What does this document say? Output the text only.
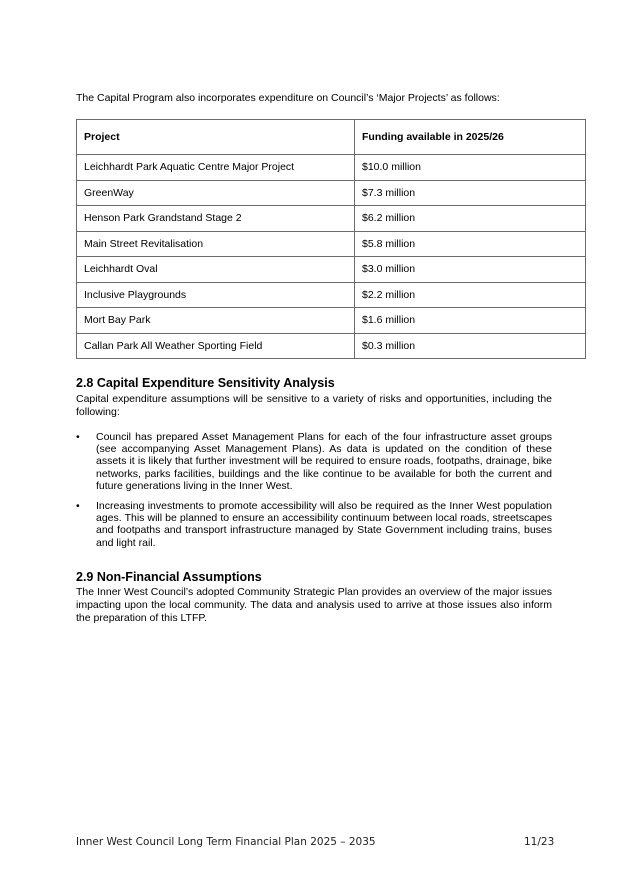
The Capital Program also incorporates expenditure on Council’s ‘Major Projects’ as follows:

Project	Funding available in 2025/26
Leichhardt Park Aquatic Centre Major Project	$10.0 million
GreenWay	$7.3 million
Henson Park Grandstand Stage 2	$6.2 million
Main Street Revitalisation	$5.8 million
Leichhardt Oval	$3.0 million
Inclusive Playgrounds	$2.2 million
Mort Bay Park	$1.6 million
Callan Park All Weather Sporting Field	$0.3 million
2.8 Capital Expenditure Sensitivity Analysis

Capital expenditure assumptions will be sensitive to a variety of risks and opportunities, including the following:

• Council has prepared Asset Management Plans for each of the four infrastructure asset groups (see accompanying Asset Management Plans). As data is updated on the condition of these assets it is likely that further investment will be required to ensure roads, footpaths, drainage, bike networks, parks facilities, buildings and the like continue to be available for both the current and future generations living in the Inner West.
• Increasing investments to promote accessibility will also be required as the Inner West population ages. This will be planned to ensure an accessibility continuum between local roads, streetscapes and footpaths and transport infrastructure managed by State Government including trains, buses and light rail.
2.9 Non-Financial Assumptions

The Inner West Council’s adopted Community Strategic Plan provides an overview of the major issues impacting upon the local community. The data and analysis used to arrive at those issues also inform the preparation of this LTFP.

Inner West Council Long Term Financial Plan 2025 – 2035	11/23
